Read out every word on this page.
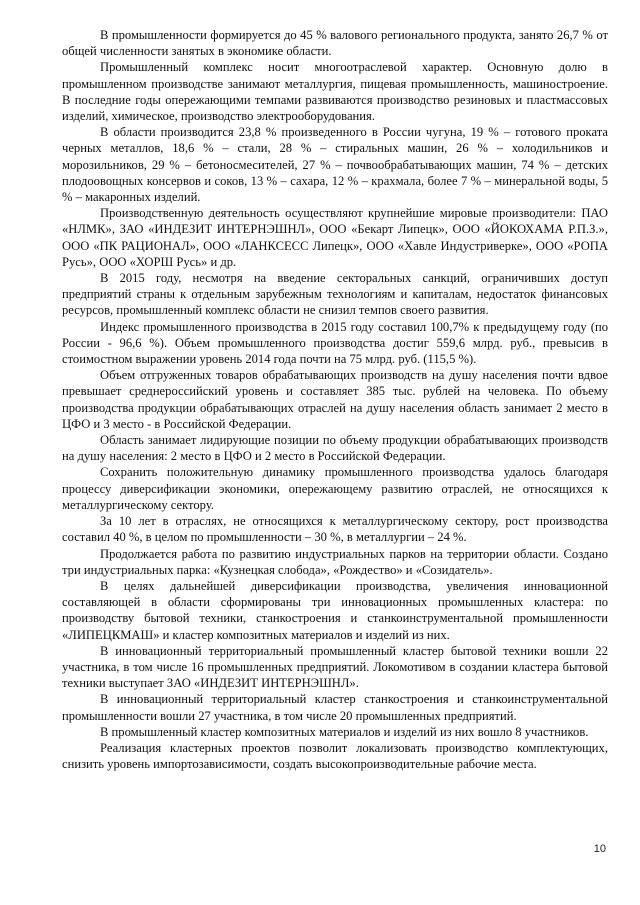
В промышленности формируется до 45 % валового регионального продукта, занято 26,7 % от общей численности занятых в экономике области.

Промышленный комплекс носит многоотраслевой характер. Основную долю в промышленном производстве занимают металлургия, пищевая промышленность, машиностроение. В последние годы опережающими темпами развиваются производство резиновых и пластмассовых изделий, химическое, производство электрооборудования.

В области производится 23,8 % произведенного в России чугуна, 19 % – готового проката черных металлов, 18,6 % – стали, 28 % – стиральных машин, 26 % – холодильников и морозильников, 29 % – бетоносмесителей, 27 % – почвообрабатывающих машин, 74 % – детских плодоовощных консервов и соков, 13 % – сахара, 12 % – крахмала, более 7 % – минеральной воды, 5 % – макаронных изделий.

Производственную деятельность осуществляют крупнейшие мировые производители: ПАО «НЛМК», ЗАО «ИНДЕЗИТ ИНТЕРНЭШНЛ», ООО «Бекарт Липецк», ООО «ЙОКОХАМА Р.П.З.», ООО «ПК РАЦИОНАЛ», ООО «ЛАНКСЕСС Липецк», ООО «Хавле Индустриверке», ООО «РОПА Русь», ООО «ХОРШ Русь» и др.

В 2015 году, несмотря на введение секторальных санкций, ограничивших доступ предприятий страны к отдельным зарубежным технологиям и капиталам, недостаток финансовых ресурсов, промышленный комплекс области не снизил темпов своего развития.

Индекс промышленного производства в 2015 году составил 100,7% к предыдущему году (по России - 96,6 %). Объем промышленного производства достиг 559,6 млрд. руб., превысив в стоимостном выражении уровень 2014 года почти на 75 млрд. руб. (115,5 %).

Объем отгруженных товаров обрабатывающих производств на душу населения почти вдвое превышает среднероссийский уровень и составляет 385 тыс. рублей на человека. По объему производства продукции обрабатывающих отраслей на душу населения область занимает 2 место в ЦФО и 3 место - в Российской Федерации.

Область занимает лидирующие позиции по объему продукции обрабатывающих производств на душу населения: 2 место в ЦФО и 2 место в Российской Федерации.

Сохранить положительную динамику промышленного производства удалось благодаря процессу диверсификации экономики, опережающему развитию отраслей, не относящихся к металлургическому сектору.

За 10 лет в отраслях, не относящихся к металлургическому сектору, рост производства составил 40 %, в целом по промышленности – 30 %, в металлургии – 24 %.

Продолжается работа по развитию индустриальных парков на территории области. Создано три индустриальных парка: «Кузнецкая слобода», «Рождество» и «Созидатель».

В целях дальнейшей диверсификации производства, увеличения инновационной составляющей в области сформированы три инновационных промышленных кластера: по производству бытовой техники, станкостроения и станкоинструментальной промышленности «ЛИПЕЦКМАШ» и кластер композитных материалов и изделий из них.

В инновационный территориальный промышленный кластер бытовой техники вошли 22 участника, в том числе 16 промышленных предприятий. Локомотивом в создании кластера бытовой техники выступает ЗАО «ИНДЕЗИТ ИНТЕРНЭШНЛ».

В инновационный территориальный кластер станкостроения и станкоинструментальной промышленности вошли 27 участника, в том числе 20 промышленных предприятий.

В промышленный кластер композитных материалов и изделий из них вошло 8 участников.

Реализация кластерных проектов позволит локализовать производство комплектующих, снизить уровень импортозависимости, создать высокопроизводительные рабочие места.

10
